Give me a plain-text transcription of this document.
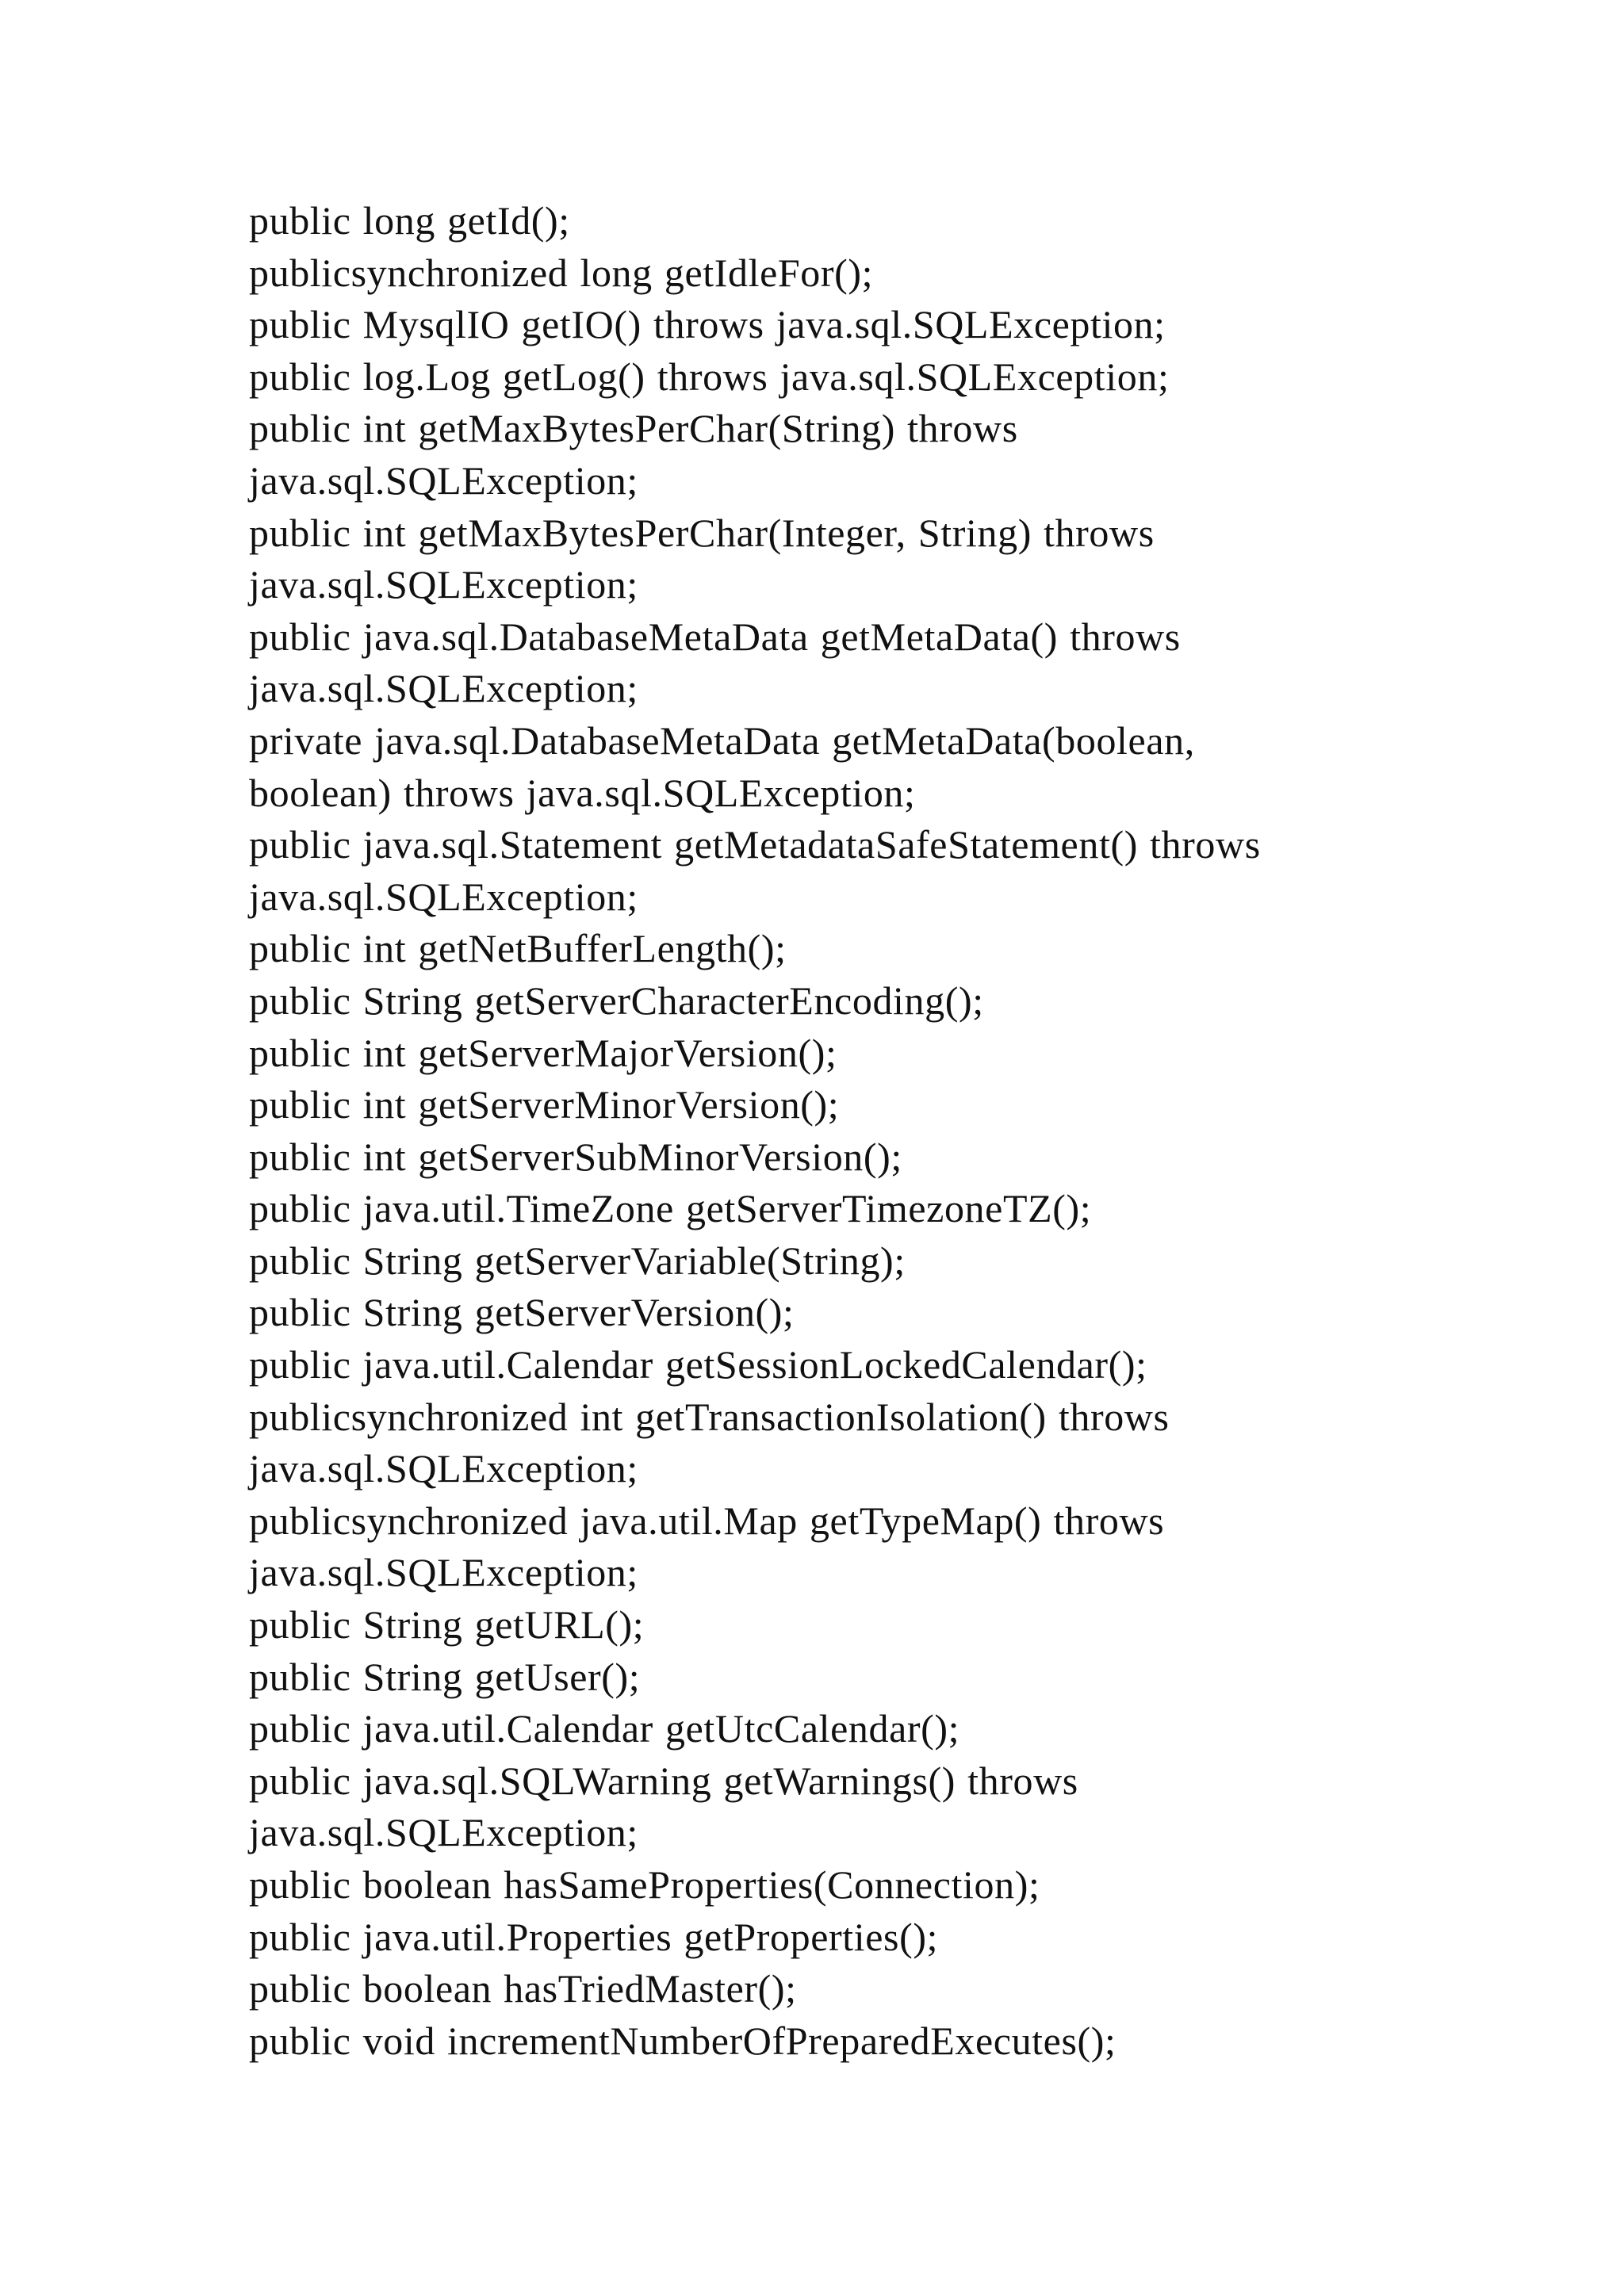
public long getId();
publicsynchronized long getIdleFor();
public MysqlIO getIO() throws java.sql.SQLException;
public log.Log getLog() throws java.sql.SQLException;
public int getMaxBytesPerChar(String) throws
java.sql.SQLException;
public int getMaxBytesPerChar(Integer, String) throws
java.sql.SQLException;
public java.sql.DatabaseMetaData getMetaData() throws
java.sql.SQLException;
private java.sql.DatabaseMetaData getMetaData(boolean,
boolean) throws java.sql.SQLException;
public java.sql.Statement getMetadataSafeStatement() throws
java.sql.SQLException;
public int getNetBufferLength();
public String getServerCharacterEncoding();
public int getServerMajorVersion();
public int getServerMinorVersion();
public int getServerSubMinorVersion();
public java.util.TimeZone getServerTimezoneTZ();
public String getServerVariable(String);
public String getServerVersion();
public java.util.Calendar getSessionLockedCalendar();
publicsynchronized int getTransactionIsolation() throws
java.sql.SQLException;
publicsynchronized java.util.Map getTypeMap() throws
java.sql.SQLException;
public String getURL();
public String getUser();
public java.util.Calendar getUtcCalendar();
public java.sql.SQLWarning getWarnings() throws
java.sql.SQLException;
public boolean hasSameProperties(Connection);
public java.util.Properties getProperties();
public boolean hasTriedMaster();
public void incrementNumberOfPreparedExecutes();
